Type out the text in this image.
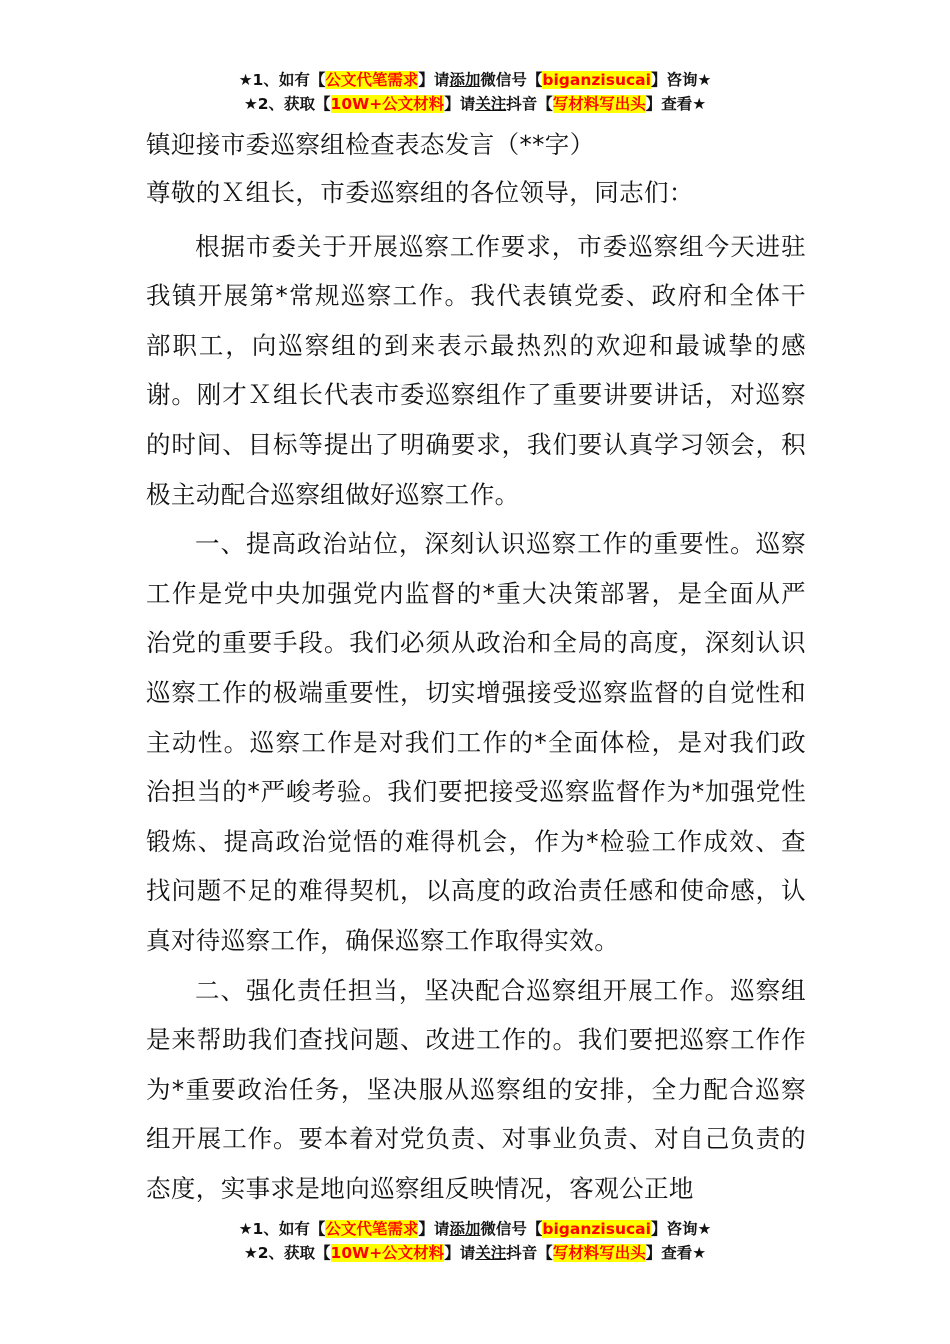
★1、如有【公文代笔需求】请添加微信号【biganzisucai】咨询★
★2、获取【10W+公文材料】请关注抖音【写材料写出头】查看★

镇迎接市委巡察组检查表态发言（**字）

尊敬的Ｘ组长，市委巡察组的各位领导，同志们：

根据市委关于开展巡察工作要求，市委巡察组今天进驻我镇开展第*常规巡察工作。我代表镇党委、政府和全体干部职工，向巡察组的到来表示最热烈的欢迎和最诚挚的感谢。刚才Ｘ组长代表市委巡察组作了重要讲要讲话，对巡察的时间、目标等提出了明确要求，我们要认真学习领会，积极主动配合巡察组做好巡察工作。

一、提高政治站位，深刻认识巡察工作的重要性。巡察工作是党中央加强党内监督的*重大决策部署，是全面从严治党的重要手段。我们必须从政治和全局的高度，深刻认识巡察工作的极端重要性，切实增强接受巡察监督的自觉性和主动性。巡察工作是对我们工作的*全面体检，是对我们政治担当的*严峻考验。我们要把接受巡察监督作为*加强党性锻炼、提高政治觉悟的难得机会，作为*检验工作成效、查找问题不足的难得契机，以高度的政治责任感和使命感，认真对待巡察工作，确保巡察工作取得实效。

二、强化责任担当，坚决配合巡察组开展工作。巡察组是来帮助我们查找问题、改进工作的。我们要把巡察工作作为*重要政治任务，坚决服从巡察组的安排，全力配合巡察组开展工作。要本着对党负责、对事业负责、对自己负责的态度，实事求是地向巡察组反映情况，客观公正地

★1、如有【公文代笔需求】请添加微信号【biganzisucai】咨询★
★2、获取【10W+公文材料】请关注抖音【写材料写出头】查看★
